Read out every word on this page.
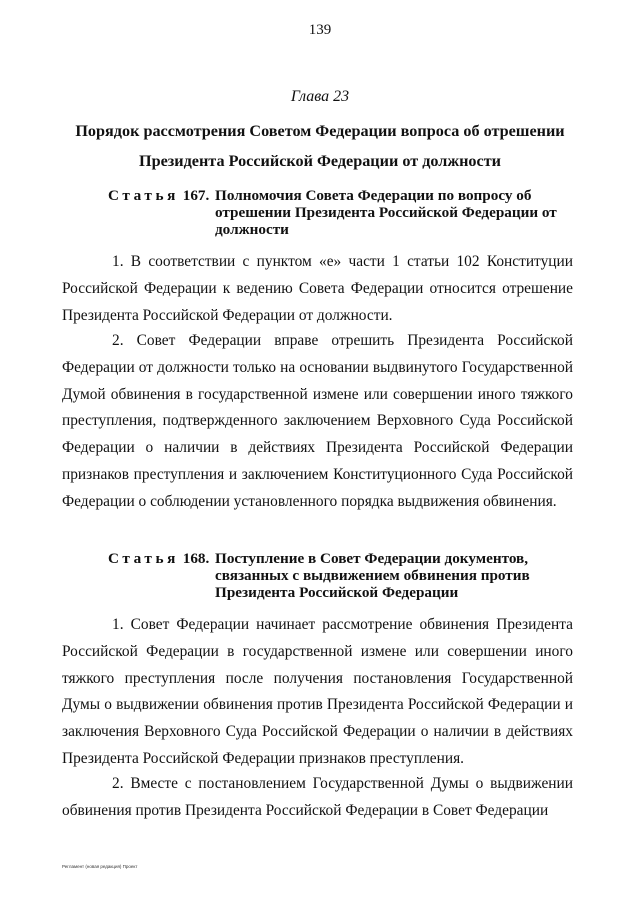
139
Глава 23
Порядок рассмотрения Советом Федерации вопроса об отрешении
Президента Российской Федерации от должности
Статья 167. Полномочия Совета Федерации по вопросу об отрешении Президента Российской Федерации от должности
1. В соответствии с пунктом «е» части 1 статьи 102 Конституции Российской Федерации к ведению Совета Федерации относится отрешение Президента Российской Федерации от должности.
2. Совет Федерации вправе отрешить Президента Российской Федерации от должности только на основании выдвинутого Государственной Думой обвинения в государственной измене или совершении иного тяжкого преступления, подтвержденного заключением Верховного Суда Российской Федерации о наличии в действиях Президента Российской Федерации признаков преступления и заключением Конституционного Суда Российской Федерации о соблюдении установленного порядка выдвижения обвинения.
Статья 168. Поступление в Совет Федерации документов, связанных с выдвижением обвинения против Президента Российской Федерации
1. Совет Федерации начинает рассмотрение обвинения Президента Российской Федерации в государственной измене или совершении иного тяжкого преступления после получения постановления Государственной Думы о выдвижении обвинения против Президента Российской Федерации и заключения Верховного Суда Российской Федерации о наличии в действиях Президента Российской Федерации признаков преступления.
2. Вместе с постановлением Государственной Думы о выдвижении обвинения против Президента Российской Федерации в Совет Федерации
Регламент (новая редакция) Проект
